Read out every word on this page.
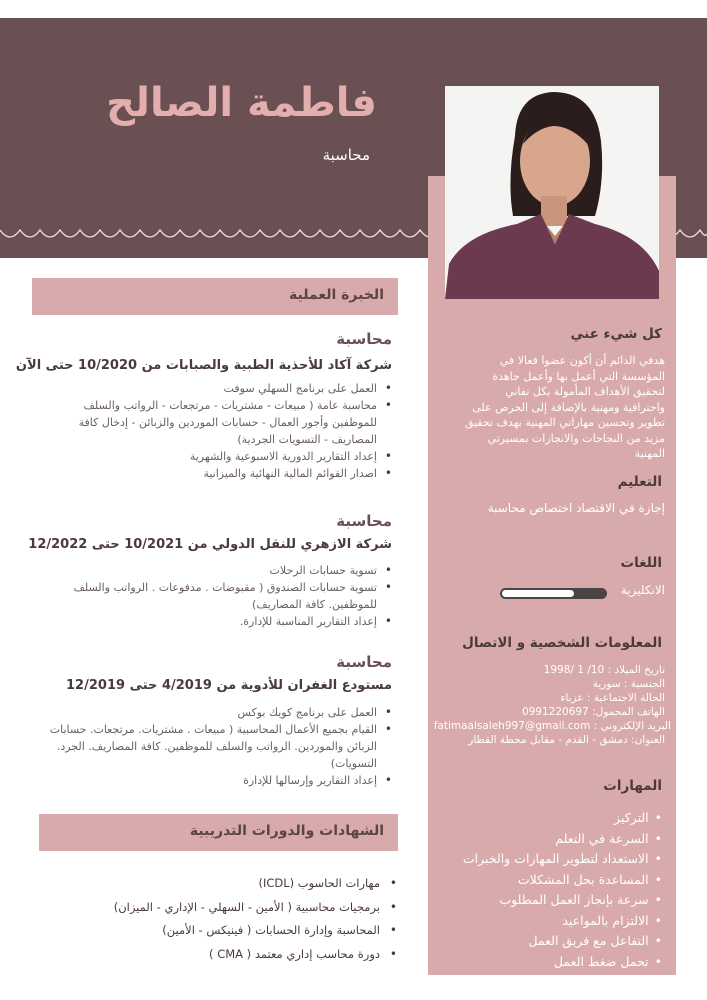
فاطمة الصالح
محاسبة
كل شيء عني
هدفي الدائم أن أكون عضوا فعالا في المؤسسة التي أعمل بها وأعمل جاهدة لتحقيق الأهداف المأمولة بكل تفاني واحترافية ومهنية بالإضافة إلى الحرص على تطوير وتحسين مهاراتي المهنية بهدف تحقيق مزيد من النجاحات والانجازات بمسيرتي المهنية
التعليم
إجازة في الاقتصاد اختصاص محاسبة
اللغات
الانكليزية
المعلومات الشخصية و الاتصال
تاريخ الميلاد : 10/ 1 /1998
الجنسية : سورية
الحالة الاجتماعية : عزباء
الهاتف المحمول: 0991220697
البريد الإلكتروني : fatimaalsaleh997@gmail.com
العنوان: دمشق - القدم - مقابل محطة القطار
المهارات
• التركيز
• السرعة في التعلم
• الاستعداد لتطوير المهارات والخبرات
• المساعدة بحل المشكلات
• سرعة بإنجاز العمل المطلوب
• الالتزام بالمواعيد
• التفاعل مع فريق العمل
• تحمل ضغط العمل
الخبرة العملية
محاسبة
شركة آكاد للأحذية الطبية والصبابات من 10/2020 حتى الآن
• العمل على برنامج السهلي سوفت
• محاسبة عامة ( مبيعات - مشتريات - مرتجعات - الرواتب والسلف للموظفين وأجور العمال - حسابات الموردين والزبائن - إدخال كافة المصاريف - التسويات الجردية)
• إعداد التقارير الدورية الاسبوعية والشهرية
• اصدار القوائم المالية النهائية والميزانية
محاسبة
شركة الازهري للنقل الدولي من 10/2021 حتى 12/2022
• تسوية حسابات الرحلات
• تسوية حسابات الصندوق ( مقبوضات . مدفوعات . الرواتب والسلف للموظفين. كافة المصاريف)
• إعداد التقارير المناسبة للإدارة.
محاسبة
مستودع الغفران للأدوية من 4/2019 حتى 12/2019
• العمل على برنامج كويك بوكس
• القيام بجميع الأعمال المحاسبية ( مبيعات . مشتريات. مرتجعات. حسابات الزبائن والموردين. الرواتب والسلف للموظفين. كافة المصاريف. الجرد. التسويات)
• إعداد التقارير وإرسالها للإدارة
الشهادات والدورات التدريبية
• مهارات الحاسوب (ICDL)
• برمجيات محاسبية ( الأمين - السهلي - الإداري - الميزان)
• المحاسبة وإدارة الحسابات ( فينيكس - الأمين)
• دورة محاسب إداري معتمد ( CMA )
